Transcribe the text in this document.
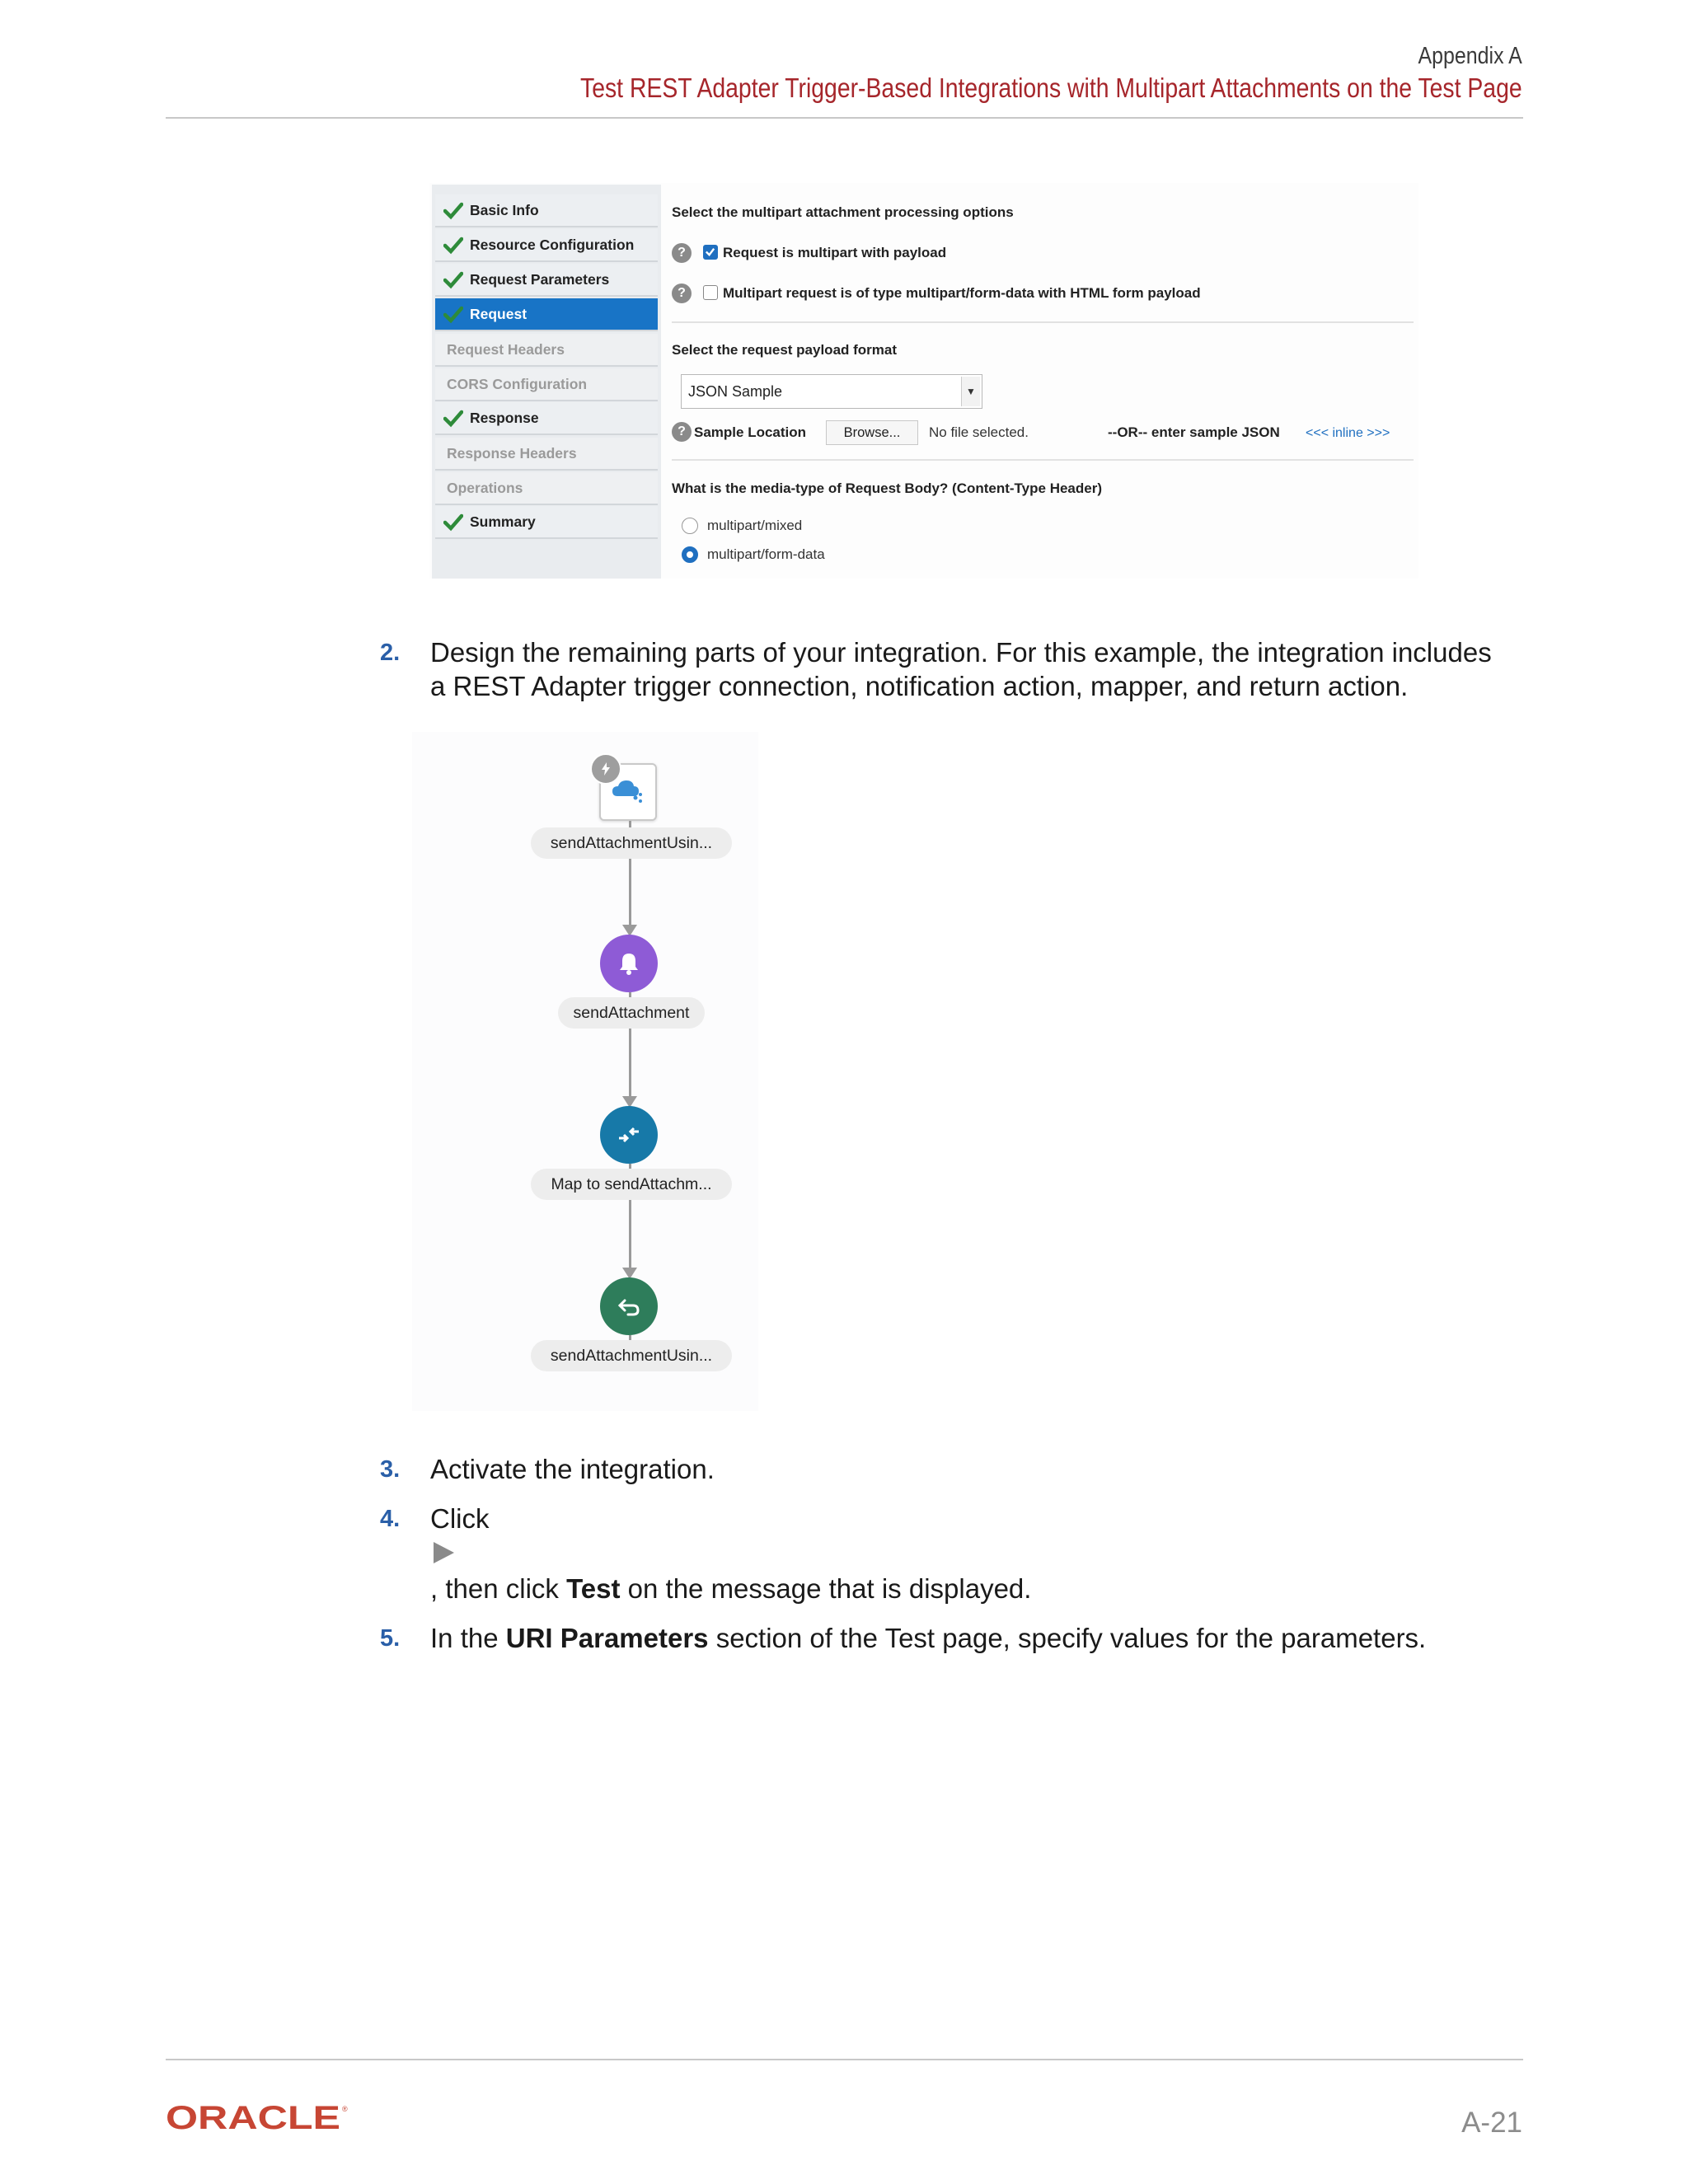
Appendix A
Test REST Adapter Trigger-Based Integrations with Multipart Attachments on the Test Page
Basic Info
Resource Configuration
Request Parameters
Request
Request Headers
CORS Configuration
Response
Response Headers
Operations
Summary
Select the multipart attachment processing options
?	Request is multipart with payload
?	Multipart request is of type multipart/form-data with HTML form payload
Select the request payload format
JSON Sample	▼
? Sample Location	Browse...	No file selected.	--OR-- enter sample JSON <<< inline >>>
What is the media-type of Request Body? (Content-Type Header)
multipart/mixed
multipart/form-data
2. Design the remaining parts of your integration. For this example, the integration includes
a REST Adapter trigger connection, notification action, mapper, and return action.
sendAttachmentUsin...
sendAttachment
Map to sendAttachm...
sendAttachmentUsin...
3. Activate the integration.
4. Click
, then click Test on the message that is displayed.
5. In the URI Parameters section of the Test page, specify values for the parameters.
ORACLE ®	A-21
